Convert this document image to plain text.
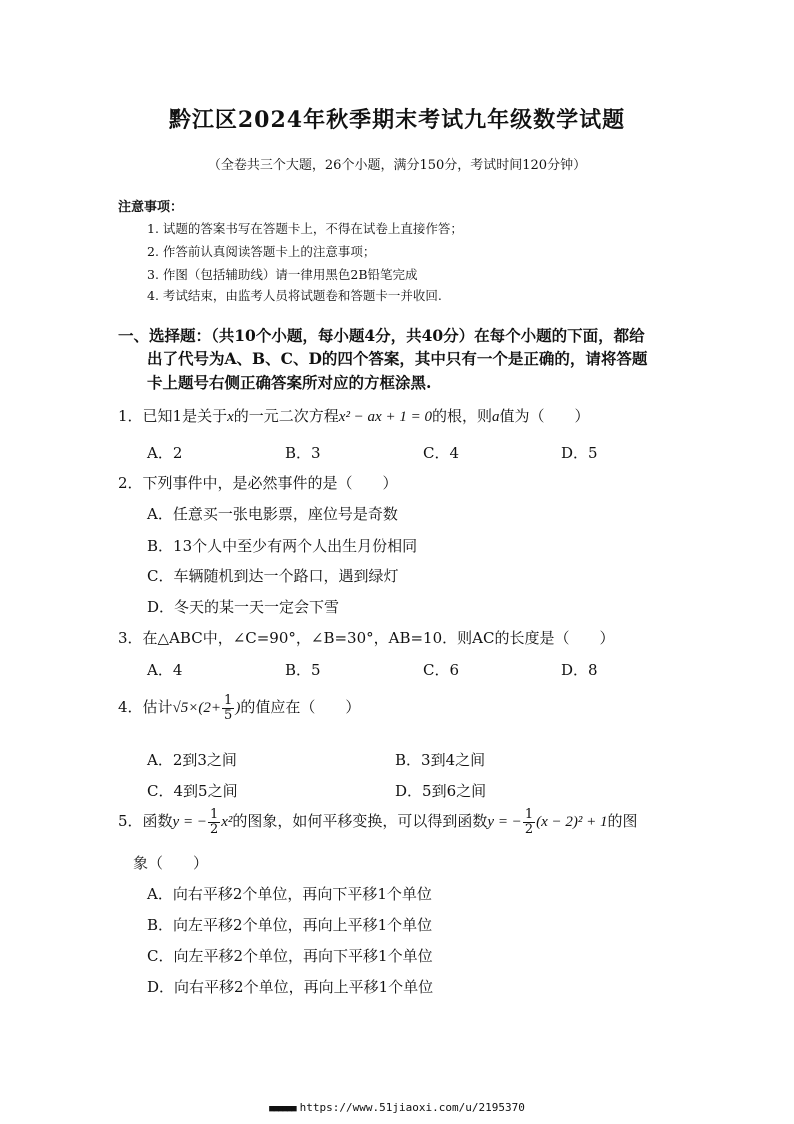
黔江区2024年秋季期末考试九年级数学试题
（全卷共三个大题，26个小题，满分150分，考试时间120分钟）
注意事项：
1. 试题的答案书写在答题卡上，不得在试卷上直接作答；
2. 作答前认真阅读答题卡上的注意事项；
3. 作图（包括辅助线）请一律用黑色2B铅笔完成
4. 考试结束，由监考人员将试题卷和答题卡一并收回.
一、选择题：（共10个小题，每小题4分，共40分）在每个小题的下面，都给
出了代号为A、B、C、D的四个答案，其中只有一个是正确的，请将答题
卡上题号右侧正确答案所对应的方框涂黑.
1．已知1是关于x的一元二次方程x² − ax + 1 = 0的根，则a值为（　　）
A．2	B．3	C．4	D．5
2．下列事件中，是必然事件的是（　　）
A．任意买一张电影票，座位号是奇数
B．13个人中至少有两个人出生月份相同
C．车辆随机到达一个路口，遇到绿灯
D．冬天的某一天一定会下雪
3．在△ABC中，∠C=90°，∠B=30°，AB=10．则AC的长度是（　　）
A．4	B．5	C．6	D．8
4．估计$√5\times(2+ \frac{1}{5}$ )的值应在（　　）
A．2到3之间	B．3到4之间
C．4到5之间	D．5到6之间
5．函数y = − $\frac{1}{2} x^2$的图象，如何平移变换，可以得到函数y = − $\frac{1}{2} (x - 2)^2 + 1$的图
象（　　）
A．向右平移2个单位，再向下平移1个单位
B．向左平移2个单位，再向上平移1个单位
C．向左平移2个单位，再向下平移1个单位
D．向右平移2个单位，再向上平移1个单位
■■■■■■ https://www.51jiaoxi.com/u/2195370
